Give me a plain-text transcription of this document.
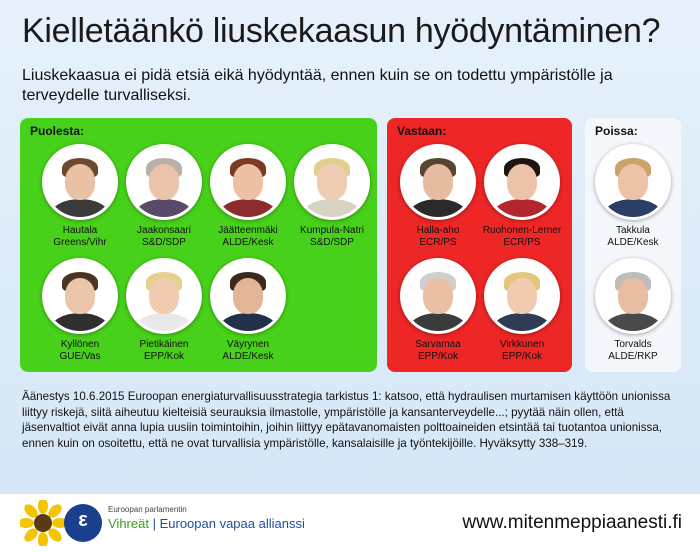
Kielletäänkö liuskekaasun hyödyntäminen?
Liuskekaasua ei pidä etsiä eikä hyödyntää, ennen kuin se on todettu ympäristölle ja terveydelle turvalliseksi.
Puolesta:
Hautala
Greens/Vihr
Jaakonsaari
S&D/SDP
Jäätteenmäki
ALDE/Kesk
Kumpula-Natri
S&D/SDP
Kyllönen
GUE/Vas
Pietikäinen
EPP/Kok
Väyrynen
ALDE/Kesk
Vastaan:
Halla-aho
ECR/PS
Ruohonen-Lerner
ECR/PS
Sarvamaa
EPP/Kok
Virkkunen
EPP/Kok
Poissa:
Takkula
ALDE/Kesk
Torvalds
ALDE/RKP
Äänestys 10.6.2015 Euroopan energiaturvallisuusstrategia tarkistus 1: katsoo, että hydraulisen murtamisen käyttöön unionissa liittyy riskejä, siitä aiheutuu kielteisiä seurauksia ilmastolle, ympäristölle ja kansanterveydelle...; pyytää näin ollen, että jäsenvaltiot eivät anna lupia uusiin toimintoihin, joihin liittyy epätavanomaisten polttoaineiden etsintää tai tuotantoa unionissa, ennen kuin on osoitettu, että ne ovat turvallisia ympäristölle, kansalaisille ja työntekijöille. Hyväksytty 338–319.
ε	Euroopan parlamentin
Vihreät | Euroopan vapaa allianssi	www.mitenmeppiaanesti.fi
